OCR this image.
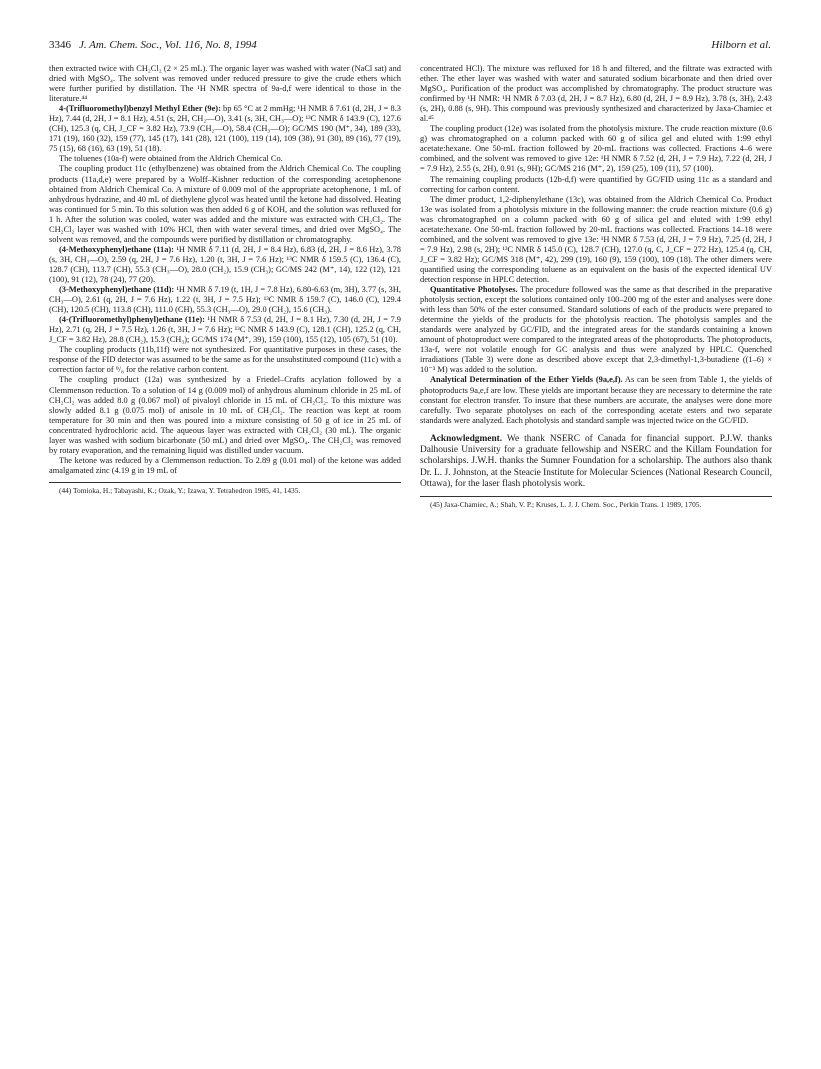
3346 J. Am. Chem. Soc., Vol. 116, No. 8, 1994	Hilborn et al.

then extracted twice with CH₂Cl₂ (2 × 25 mL). The organic layer was washed with water (NaCl sat) and dried with MgSO₄. The solvent was removed under reduced pressure to give the crude ethers which were further purified by distillation. The ¹H NMR spectra of 9a-d,f were identical to those in the literature.⁴⁴

4-(Trifluoromethyl)benzyl Methyl Ether (9e): bp 65 °C at 2 mmHg; ¹H NMR δ 7.61 (d, 2H, J = 8.3 Hz), 7.44 (d, 2H, J = 8.1 Hz), 4.51 (s, 2H, CH₂—O), 3.41 (s, 3H, CH₃—O); ¹³C NMR δ 143.9 (C), 127.6 (CH), 125.3 (q, CH, J_CF = 3.82 Hz), 73.9 (CH₂—O), 58.4 (CH₃—O); GC/MS 190 (M⁺, 34), 189 (33), 171 (19), 160 (32), 159 (77), 145 (17), 141 (28), 121 (100), 119 (14), 109 (38), 91 (30), 89 (16), 77 (19), 75 (15), 68 (16), 63 (19), 51 (18).

The toluenes (10a-f) were obtained from the Aldrich Chemical Co.

The coupling product 11c (ethylbenzene) was obtained from the Aldrich Chemical Co. The coupling products (11a,d,e) were prepared by a Wolff–Kishner reduction of the corresponding acetophenone obtained from Aldrich Chemical Co. A mixture of 0.009 mol of the appropriate acetophenone, 1 mL of anhydrous hydrazine, and 40 mL of diethylene glycol was heated until the ketone had dissolved. Heating was continued for 5 min. To this solution was then added 6 g of KOH, and the solution was refluxed for 1 h. After the solution was cooled, water was added and the mixture was extracted with CH₂Cl₂. The CH₂Cl₂ layer was washed with 10% HCl, then with water several times, and dried over MgSO₄. The solvent was removed, and the compounds were purified by distillation or chromatography.

(4-Methoxyphenyl)ethane (11a): ¹H NMR δ 7.11 (d, 2H, J = 8.4 Hz), 6.83 (d, 2H, J = 8.6 Hz), 3.78 (s, 3H, CH₃—O), 2.59 (q, 2H, J = 7.6 Hz), 1.20 (t, 3H, J = 7.6 Hz); ¹³C NMR δ 159.5 (C), 136.4 (C), 128.7 (CH), 113.7 (CH), 55.3 (CH₃—O), 28.0 (CH₂), 15.9 (CH₃); GC/MS 242 (M⁺, 14), 122 (12), 121 (100), 91 (12), 78 (24), 77 (20).

(3-Methoxyphenyl)ethane (11d): ¹H NMR δ 7.19 (t, 1H, J = 7.8 Hz), 6.80-6.63 (m, 3H), 3.77 (s, 3H, CH₃—O), 2.61 (q, 2H, J = 7.6 Hz), 1.22 (t, 3H, J = 7.5 Hz); ¹³C NMR δ 159.7 (C), 146.0 (C), 129.4 (CH), 120.5 (CH), 113.8 (CH), 111.0 (CH), 55.3 (CH₃—O), 29.0 (CH₂), 15.6 (CH₃).

(4-(Trifluoromethyl)phenyl)ethane (11e): ¹H NMR δ 7.53 (d, 2H, J = 8.1 Hz), 7.30 (d, 2H, J = 7.9 Hz), 2.71 (q, 2H, J = 7.5 Hz), 1.26 (t, 3H, J = 7.6 Hz); ¹³C NMR δ 143.9 (C), 128.1 (CH), 125.2 (q, CH, J_CF = 3.82 Hz), 28.8 (CH₂), 15.3 (CH₃); GC/MS 174 (M⁺, 39), 159 (100), 155 (12), 105 (67), 51 (10).

The coupling products (11b,11f) were not synthesized. For quantitative purposes in these cases, the response of the FID detector was assumed to be the same as for the unsubstituted compound (11c) with a correction factor of ⁹/₈ for the relative carbon content.

The coupling product (12a) was synthesized by a Friedel–Crafts acylation followed by a Clemmenson reduction. To a solution of 14 g (0.009 mol) of anhydrous aluminum chloride in 25 mL of CH₂Cl₂ was added 8.0 g (0.067 mol) of pivaloyl chloride in 15 mL of CH₂Cl₂. To this mixture was slowly added 8.1 g (0.075 mol) of anisole in 10 mL of CH₂Cl₂. The reaction was kept at room temperature for 30 min and then was poured into a mixture consisting of 50 g of ice in 25 mL of concentrated hydrochloric acid. The aqueous layer was extracted with CH₂Cl₂ (30 mL). The organic layer was washed with sodium bicarbonate (50 mL) and dried over MgSO₄. The CH₂Cl₂ was removed by rotary evaporation, and the remaining liquid was distilled under vacuum.

The ketone was reduced by a Clemmenson reduction. To 2.89 g (0.01 mol) of the ketone was added amalgamated zinc (4.19 g in 19 mL of

(44) Tomioka, H.; Tabayashi, K.; Ozak, Y.; Izawa, Y. Tetrahedron 1985, 41, 1435.

concentrated HCl). The mixture was refluxed for 18 h and filtered, and the filtrate was extracted with ether. The ether layer was washed with water and saturated sodium bicarbonate and then dried over MgSO₄. Purification of the product was accomplished by chromatography. The product structure was confirmed by ¹H NMR: ¹H NMR δ 7.03 (d, 2H, J = 8.7 Hz), 6.80 (d, 2H, J = 8.9 Hz), 3.78 (s, 3H), 2.43 (s, 2H), 0.88 (s, 9H). This compound was previously synthesized and characterized by Jaxa-Chamiec et al.⁴⁵

The coupling product (12e) was isolated from the photolysis mixture. The crude reaction mixture (0.6 g) was chromatographed on a column packed with 60 g of silica gel and eluted with 1:99 ethyl acetate:hexane. One 50-mL fraction followed by 20-mL fractions was collected. Fractions 4–6 were combined, and the solvent was removed to give 12e: ¹H NMR δ 7.52 (d, 2H, J = 7.9 Hz), 7.22 (d, 2H, J = 7.9 Hz), 2.55 (s, 2H), 0.91 (s, 9H); GC/MS 216 (M⁺, 2), 159 (25), 109 (11), 57 (100).

The remaining coupling products (12b-d,f) were quantified by GC/FID using 11c as a standard and correcting for carbon content.

The dimer product, 1,2-diphenylethane (13c), was obtained from the Aldrich Chemical Co. Product 13e was isolated from a photolysis mixture in the following manner: the crude reaction mixture (0.6 g) was chromatographed on a column packed with 60 g of silica gel and eluted with 1:99 ethyl acetate:hexane. One 50-mL fraction followed by 20-mL fractions was collected. Fractions 14–18 were combined, and the solvent was removed to give 13e: ¹H NMR δ 7.53 (d, 2H, J = 7.9 Hz), 7.25 (d, 2H, J = 7.9 Hz), 2.98 (s, 2H); ¹³C NMR δ 145.0 (C), 128.7 (CH), 127.0 (q, C, J_CF = 272 Hz), 125.4 (q, CH, J_CF = 3.82 Hz); GC/MS 318 (M⁺, 42), 299 (19), 160 (9), 159 (100), 109 (18). The other dimers were quantified using the corresponding toluene as an equivalent on the basis of the expected identical UV detection response in HPLC detection.

Quantitative Photolyses. The procedure followed was the same as that described in the preparative photolysis section, except the solutions contained only 100–200 mg of the ester and analyses were done with less than 50% of the ester consumed. Standard solutions of each of the products were prepared to determine the yields of the products for the photolysis reaction. The photolysis samples and the standards were analyzed by GC/FID, and the integrated areas for the standards containing a known amount of photoproduct were compared to the integrated areas of the photoproducts. The photoproducts, 13a-f, were not volatile enough for GC analysis and thus were analyzed by HPLC. Quenched irradiations (Table 3) were done as described above except that 2,3-dimethyl-1,3-butadiene ((1–6) × 10⁻³ M) was added to the solution.

Analytical Determination of the Ether Yields (9a,e,f). As can be seen from Table 1, the yields of photoproducts 9a,e,f are low. These yields are important because they are necessary to determine the rate constant for electron transfer. To insure that these numbers are accurate, the analyses were done more carefully. Two separate photolyses on each of the corresponding acetate esters and two separate standards were analyzed. Each photolysis and standard sample was injected twice on the GC/FID.

Acknowledgment. We thank NSERC of Canada for financial support. P.J.W. thanks Dalhousie University for a graduate fellowship and NSERC and the Killam Foundation for scholarships. J.W.H. thanks the Sumner Foundation for a scholarship. The authors also thank Dr. L. J. Johnston, at the Steacie Institute for Molecular Sciences (National Research Council, Ottawa), for the laser flash photolysis work.

(45) Jaxa-Chamiec, A.; Shah, V. P.; Kruses, L. J. J. Chem. Soc., Perkin Trans. 1 1989, 1705.
